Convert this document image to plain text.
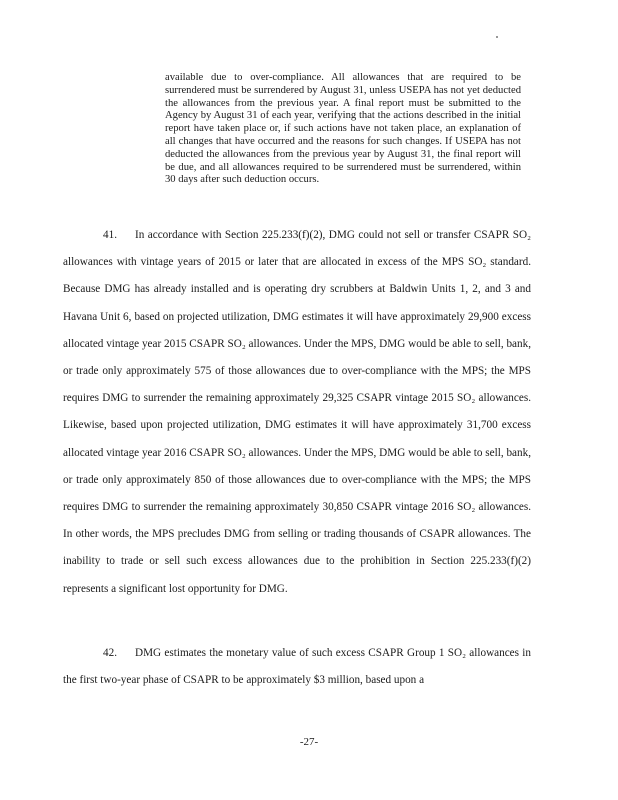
available due to over-compliance. All allowances that are required to be surrendered must be surrendered by August 31, unless USEPA has not yet deducted the allowances from the previous year. A final report must be submitted to the Agency by August 31 of each year, verifying that the actions described in the initial report have taken place or, if such actions have not taken place, an explanation of all changes that have occurred and the reasons for such changes. If USEPA has not deducted the allowances from the previous year by August 31, the final report will be due, and all allowances required to be surrendered must be surrendered, within 30 days after such deduction occurs.
41. In accordance with Section 225.233(f)(2), DMG could not sell or transfer CSAPR SO₂ allowances with vintage years of 2015 or later that are allocated in excess of the MPS SO₂ standard. Because DMG has already installed and is operating dry scrubbers at Baldwin Units 1, 2, and 3 and Havana Unit 6, based on projected utilization, DMG estimates it will have approximately 29,900 excess allocated vintage year 2015 CSAPR SO₂ allowances. Under the MPS, DMG would be able to sell, bank, or trade only approximately 575 of those allowances due to over-compliance with the MPS; the MPS requires DMG to surrender the remaining approximately 29,325 CSAPR vintage 2015 SO₂ allowances. Likewise, based upon projected utilization, DMG estimates it will have approximately 31,700 excess allocated vintage year 2016 CSAPR SO₂ allowances. Under the MPS, DMG would be able to sell, bank, or trade only approximately 850 of those allowances due to over-compliance with the MPS; the MPS requires DMG to surrender the remaining approximately 30,850 CSAPR vintage 2016 SO₂ allowances. In other words, the MPS precludes DMG from selling or trading thousands of CSAPR allowances. The inability to trade or sell such excess allowances due to the prohibition in Section 225.233(f)(2) represents a significant lost opportunity for DMG.
42. DMG estimates the monetary value of such excess CSAPR Group 1 SO₂ allowances in the first two-year phase of CSAPR to be approximately $3 million, based upon a
-27-
